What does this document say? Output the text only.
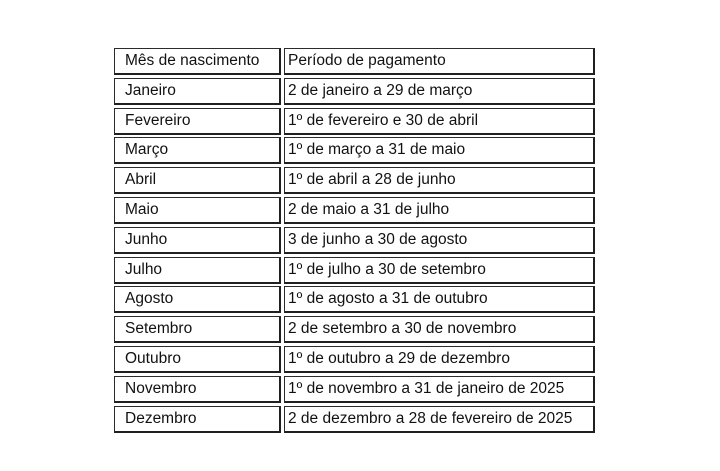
Mês de nascimento	Período de pagamento
Janeiro	2 de janeiro a 29 de março
Fevereiro	1º de fevereiro e 30 de abril
Março	1º de março a 31 de maio
Abril	1º de abril a 28 de junho
Maio	2 de maio a 31 de julho
Junho	3 de junho a 30 de agosto
Julho	1º de julho a 30 de setembro
Agosto	1º de agosto a 31 de outubro
Setembro	2 de setembro a 30 de novembro
Outubro	1º de outubro a 29 de dezembro
Novembro	1º de novembro a 31 de janeiro de 2025
Dezembro	2 de dezembro a 28 de fevereiro de 2025
